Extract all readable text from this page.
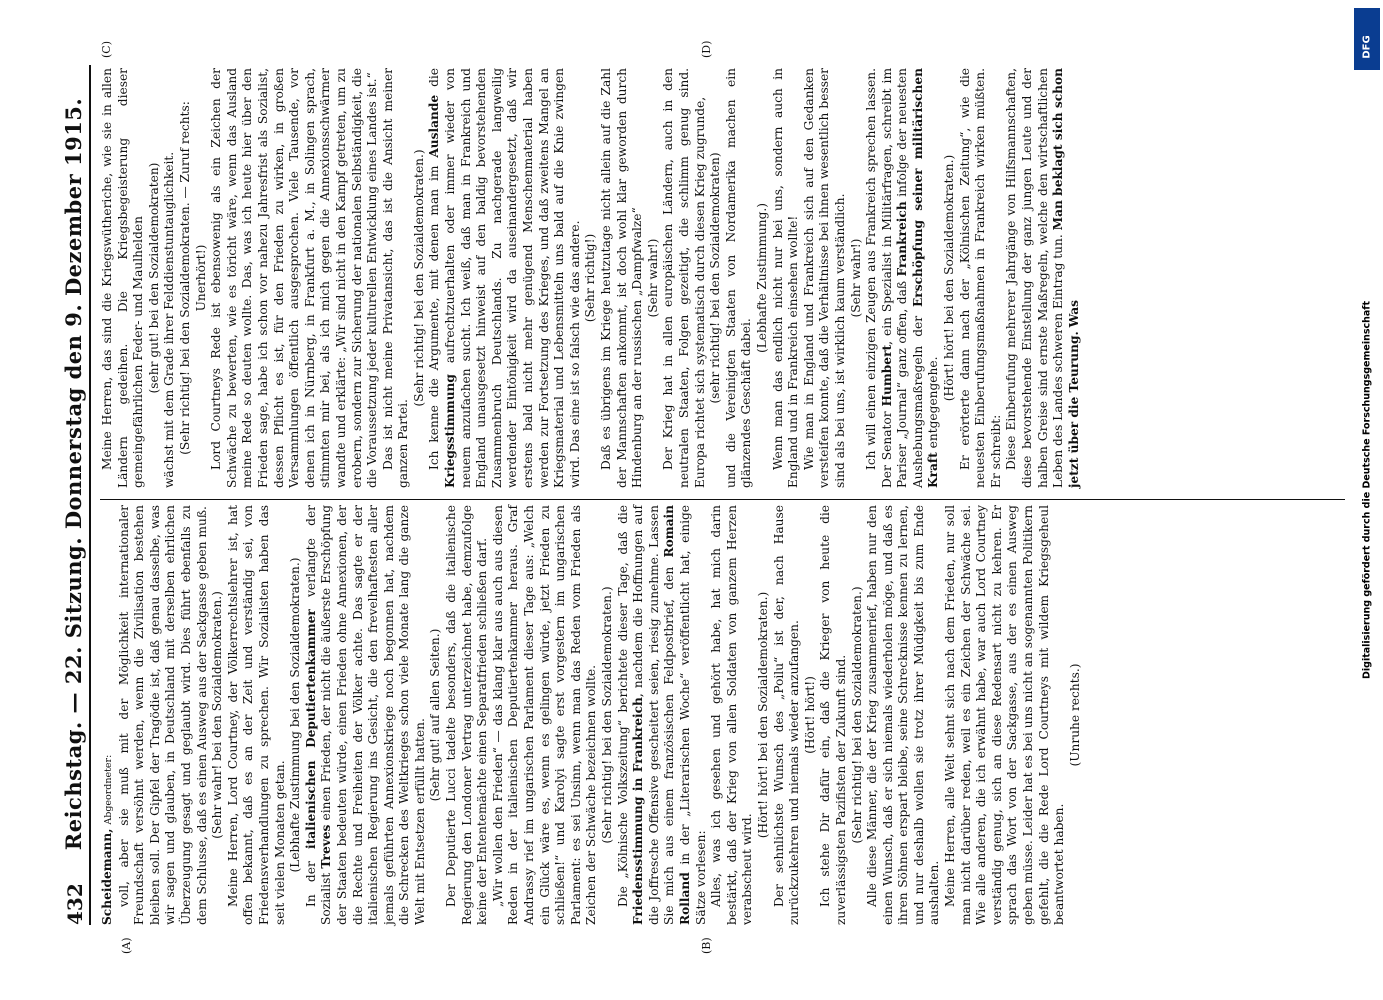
432
Reichstag. — 22. Sitzung. Donnerstag den 9. Dezember 1915.
(A)	(B)
(C)	(D)

Scheidemann, Abgeordneter: voll, aber sie muß mit der Möglichkeit internationaler Freundschaft versöhnt werden, wenn die Zivilisation bestehen bleiben soll. Der Gipfel der Tragödie ist, daß genau dasselbe, was wir sagen und glauben, in Deutschland mit derselben ehrlichen Überzeugung gesagt und geglaubt wird. Dies führt ebenfalls zu dem Schlusse, daß es einen Ausweg aus der Sackgasse geben muß. (Sehr wahr! bei den Sozialdemokraten.) Meine Herren, Lord Courtney, der Völkerrechtslehrer ist, hat offen bekannt, daß es an der Zeit und verständig sei, von Friedensverhandlungen zu sprechen. Wir Sozialisten haben das seit vielen Monaten getan. (Lebhafte Zustimmung bei den Sozialdemokraten.)

In der italienischen Deputiertenkammer verlangte der Sozialist Treves einen Frieden, der nicht die äußerste Erschöpfung der Staaten bedeuten würde, einen Frieden ohne Annexionen, der die Rechte und Freiheiten der Völker achte. Das sagte er der italienischen Regierung ins Gesicht, die den frevelhaftesten aller jemals geführten Annexionskriege noch begonnen hat, nachdem die Schrecken des Weltkrieges schon viele Monate lang die ganze Welt mit Entsetzen erfüllt hatten.

(Sehr gut! auf allen Seiten.) Der Deputierte Lucci tadelte besonders, daß die italienische Regierung den Londoner Vertrag unterzeichnet habe, demzufolge keine der Ententemächte einen Separatfrieden schließen darf. „Wir wollen den Frieden“ — das klang klar aus auch aus diesen Reden in der italienischen Deputiertenkammer heraus. Graf Andrassy rief im ungarischen Parlament dieser Tage aus: „Welch ein Glück wäre es, wenn es gelingen würde, jetzt Frieden zu schließen!“ und Karolyi sagte erst vorgestern im ungarischen Parlament: es sei Unsinn, wenn man das Reden vom Frieden als Zeichen der Schwäche bezeichnen wollte. (Sehr richtig! bei den Sozialdemokraten.) Die „Kölnische Volkszeitung“ berichtete dieser Tage, daß die Friedensstimmung in Frankreich, nachdem die Hoffnungen auf die Joffresche Offensive gescheitert seien, riesig zunehme. Lassen Sie mich aus einem französischen Feldpostbrief, den Romain Rolland in der „Literarischen Woche“ veröffentlicht hat, einige Sätze vorlesen: Alles, was ich gesehen und gehört habe, hat mich darin bestärkt, daß der Krieg von allen Soldaten von ganzem Herzen verabscheut wird.

(Hört! hört! bei den Sozialdemokraten.) Der sehnlichste Wunsch des „Poilu“ ist der, nach Hause zurückzukehren und niemals wieder anzufangen. (Hört! hört!) Ich stehe Dir dafür ein, daß die Krieger von heute die zuverlässigsten Pazifisten der Zukunft sind. (Sehr richtig! bei den Sozialdemokraten.) Alle diese Männer, die der Krieg zusammenrief, haben nur den einen Wunsch, daß er sich niemals wiederholen möge, und daß es ihren Söhnen erspart bleibe, seine Schrecknisse kennen zu lernen, und nur deshalb wollen sie trotz ihrer Müdigkeit bis zum Ende aushalten. Meine Herren, alle Welt sehnt sich nach dem Frieden, nur soll man nicht darüber reden, weil es ein Zeichen der Schwäche sei. Wie alle anderen, die ich erwähnt habe, war auch Lord Courtney verständig genug, sich an diese Redensart nicht zu kehren. Er sprach das Wort von der Sackgasse, aus der es einen Ausweg geben müsse. Leider hat es bei uns nicht an sogenannten Politikern gefehlt, die die Rede Lord Courtneys mit wildem Kriegsgeheul beantwortet haben.

(Unruhe rechts.)

Meine Herren, das sind die Kriegswütheriche, wie sie in allen Ländern gedeihen. Die Kriegsbegeisterung dieser gemeingefährlichen Feder- und Maulhelden (sehr gut! bei den Sozialdemokraten) wächst mit dem Grade ihrer Felddienstuntauglichkeit. (Sehr richtig! bei den Sozialdemokraten. — Zuruf rechts: Unerhört!) Lord Courtneys Rede ist ebensowenig als ein Zeichen der Schwäche zu bewerten, wie es töricht wäre, wenn das Ausland meine Rede so deuten wollte. Das, was ich heute hier über den Frieden sage, habe ich schon vor nahezu Jahresfrist als Sozialist, dessen Pflicht es ist, für den Frieden zu wirken, in großen Versammlungen öffentlich ausgesprochen. Viele Tausende, vor denen ich in Nürnberg, in Frankfurt a. M., in Solingen sprach, stimmten mir bei, als ich mich gegen die Annexionsschwärmer wandte und erklärte: „Wir sind nicht in den Kampf getreten, um zu erobern, sondern zur Sicherung der nationalen Selbständigkeit, die die Voraussetzung jeder kulturellen Entwicklung eines Landes ist.“ Das ist nicht meine Privatansicht, das ist die Ansicht meiner ganzen Partei.

(Sehr richtig! bei den Sozialdemokraten.) Ich kenne die Argumente, mit denen man im Auslande die Kriegsstimmung aufrechtzuerhalten oder immer wieder von neuem anzufachen sucht. Ich weiß, daß man in Frankreich und England unausgesetzt hinweist auf den baldig bevorstehenden Zusammenbruch Deutschlands. Zu nachgerade langweilig werdender Eintönigkeit wird da auseinandergesetzt, daß wir erstens bald nicht mehr genügend Menschenmaterial haben werden zur Fortsetzung des Krieges, und daß zweitens Mangel an Kriegsmaterial und Lebensmitteln uns bald auf die Knie zwingen wird. Das eine ist so falsch wie das andere. (Sehr richtig!) Daß es übrigens im Kriege heutzutage nicht allein auf die Zahl der Mannschaften ankommt, ist doch wohl klar geworden durch Hindenburg an der russischen „Dampfwalze“ (Sehr wahr!) Der Krieg hat in allen europäischen Ländern, auch in den neutralen Staaten, Folgen gezeitigt, die schlimm genug sind. Europa richtet sich systematisch durch diesen Krieg zugrunde, (sehr richtig! bei den Sozialdemokraten) und die Vereinigten Staaten von Nordamerika machen ein glänzendes Geschäft dabei.

(Lebhafte Zustimmung.) Wenn man das endlich nicht nur bei uns, sondern auch in England und in Frankreich einsehen wollte! Wie man in England und Frankreich sich auf den Gedanken versteifen konnte, daß die Verhältnisse bei ihnen wesentlich besser sind als bei uns, ist wirklich kaum verständlich. (Sehr wahr!) Ich will einen einzigen Zeugen aus Frankreich sprechen lassen. Der Senator Humbert, ein Spezialist in Militärfragen, schreibt im Pariser „Journal“ ganz offen, daß Frankreich infolge der neuesten Aushebungsmaßregeln der Erschöpfung seiner militärischen Kraft entgegengehe.

(Hört! hört! bei den Sozialdemokraten.) Er erörterte dann nach der „Kölnischen Zeitung“, wie die neuesten Einberufungsmaßnahmen in Frankreich wirken müßten. Er schreibt: Diese Einberufung mehrerer Jahrgänge von Hilfsmannschaften, diese bevorstehende Einstellung der ganz jungen Leute und der halben Greise sind ernste Maßregeln, welche den wirtschaftlichen Leben des Landes schweren Eintrag tun. Man beklagt sich schon jetzt über die Teurung. Was

DFG
Digitalisierung gefördert durch die Deutsche Forschungsgemeinschaft
